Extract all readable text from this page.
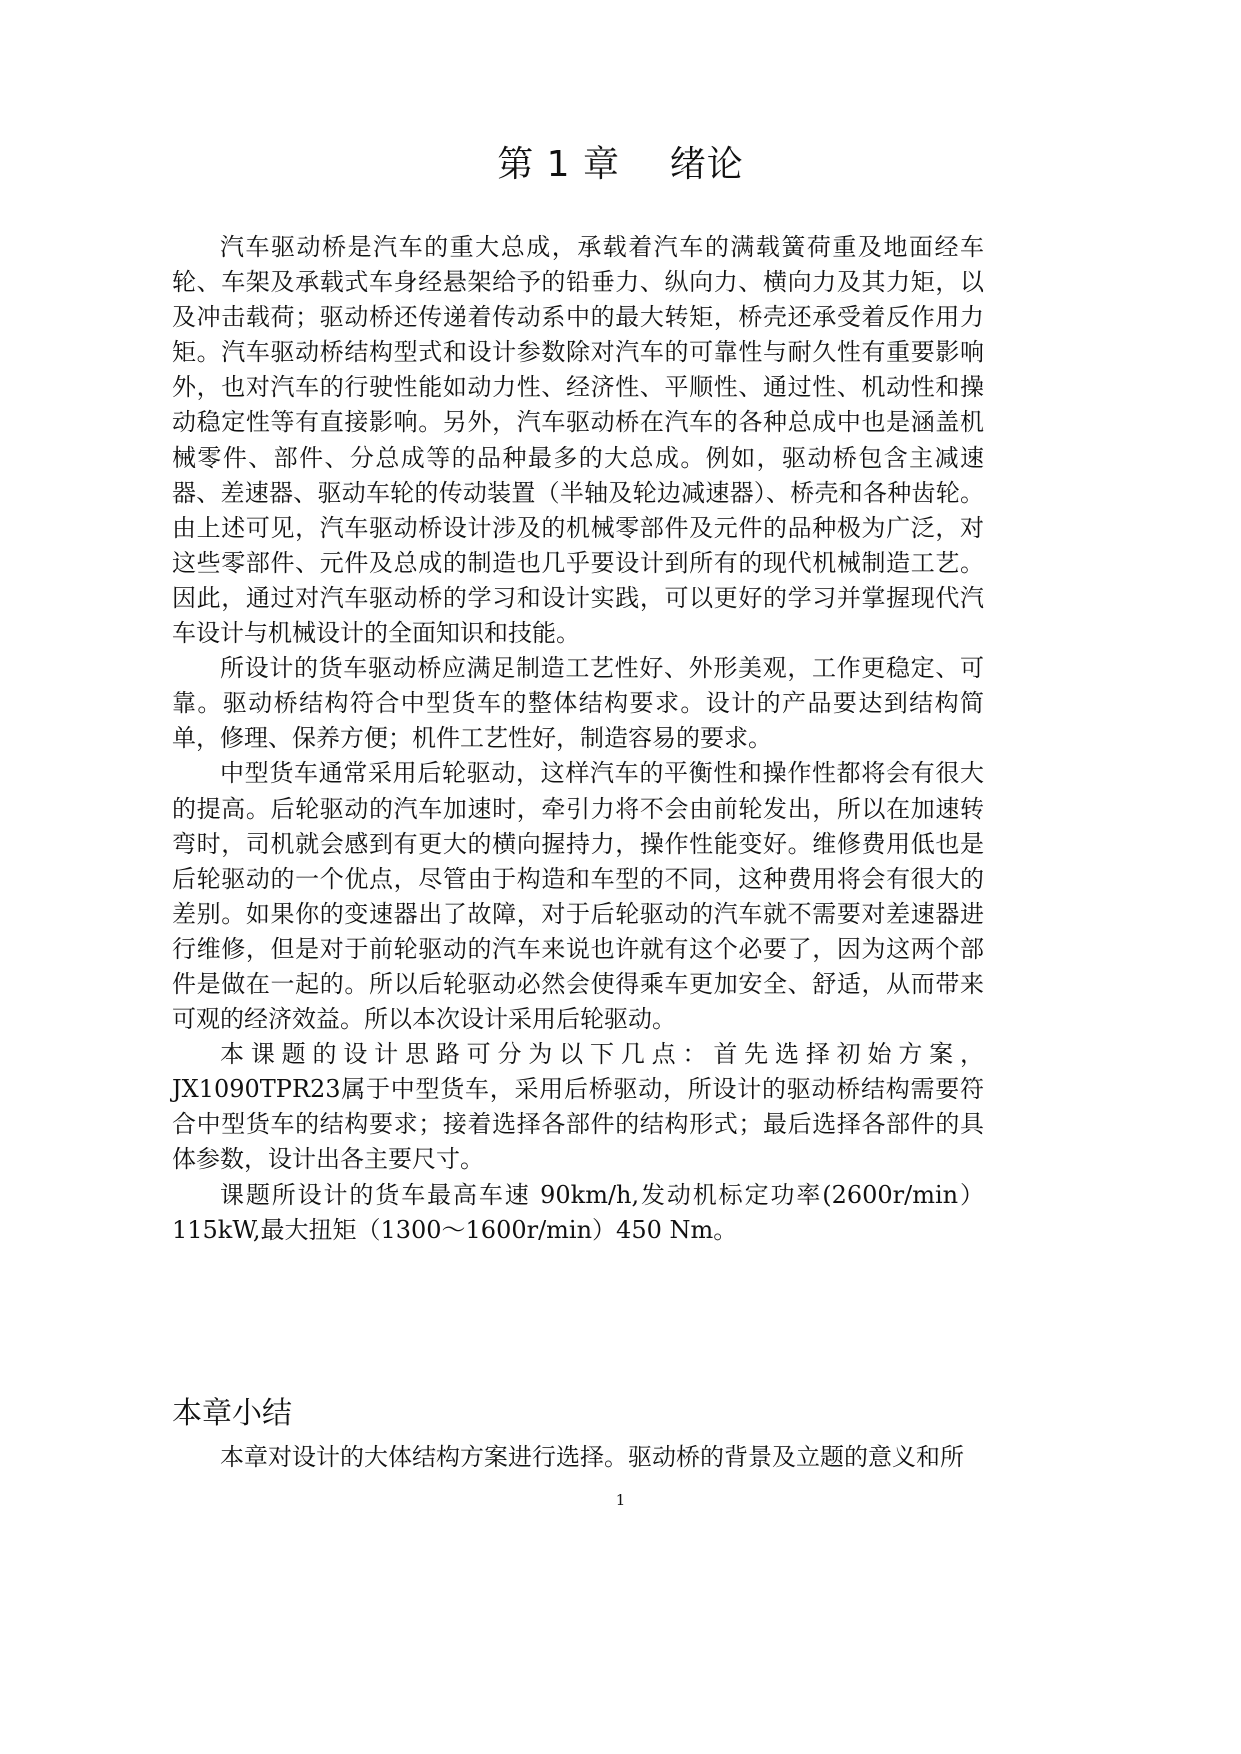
第 1 章    绪论

汽车驱动桥是汽车的重大总成，承载着汽车的满载簧荷重及地面经车轮、车架及承载式车身经悬架给予的铅垂力、纵向力、横向力及其力矩，以及冲击载荷；驱动桥还传递着传动系中的最大转矩，桥壳还承受着反作用力矩。汽车驱动桥结构型式和设计参数除对汽车的可靠性与耐久性有重要影响外，也对汽车的行驶性能如动力性、经济性、平顺性、通过性、机动性和操动稳定性等有直接影响。另外，汽车驱动桥在汽车的各种总成中也是涵盖机械零件、部件、分总成等的品种最多的大总成。例如，驱动桥包含主减速器、差速器、驱动车轮的传动装置（半轴及轮边减速器）、桥壳和各种齿轮。由上述可见，汽车驱动桥设计涉及的机械零部件及元件的品种极为广泛，对这些零部件、元件及总成的制造也几乎要设计到所有的现代机械制造工艺。因此，通过对汽车驱动桥的学习和设计实践，可以更好的学习并掌握现代汽车设计与机械设计的全面知识和技能。

所设计的货车驱动桥应满足制造工艺性好、外形美观，工作更稳定、可靠。驱动桥结构符合中型货车的整体结构要求。设计的产品要达到结构简单，修理、保养方便；机件工艺性好，制造容易的要求。

中型货车通常采用后轮驱动，这样汽车的平衡性和操作性都将会有很大的提高。后轮驱动的汽车加速时，牵引力将不会由前轮发出，所以在加速转弯时，司机就会感到有更大的横向握持力，操作性能变好。维修费用低也是后轮驱动的一个优点，尽管由于构造和车型的不同，这种费用将会有很大的差别。如果你的变速器出了故障，对于后轮驱动的汽车就不需要对差速器进行维修，但是对于前轮驱动的汽车来说也许就有这个必要了，因为这两个部件是做在一起的。所以后轮驱动必然会使得乘车更加安全、舒适，从而带来可观的经济效益。所以本次设计采用后轮驱动。

本课题的设计思路可分为以下几点：首先选择初始方案，JX1090TPR23属于中型货车，采用后桥驱动，所设计的驱动桥结构需要符合中型货车的结构要求；接着选择各部件的结构形式；最后选择各部件的具体参数，设计出各主要尺寸。

课题所设计的货车最高车速 90km/h,发动机标定功率(2600r/min）115kW,最大扭矩（1300～1600r/min）450 Nm。

本章小结

本章对设计的大体结构方案进行选择。驱动桥的背景及立题的意义和所

1
